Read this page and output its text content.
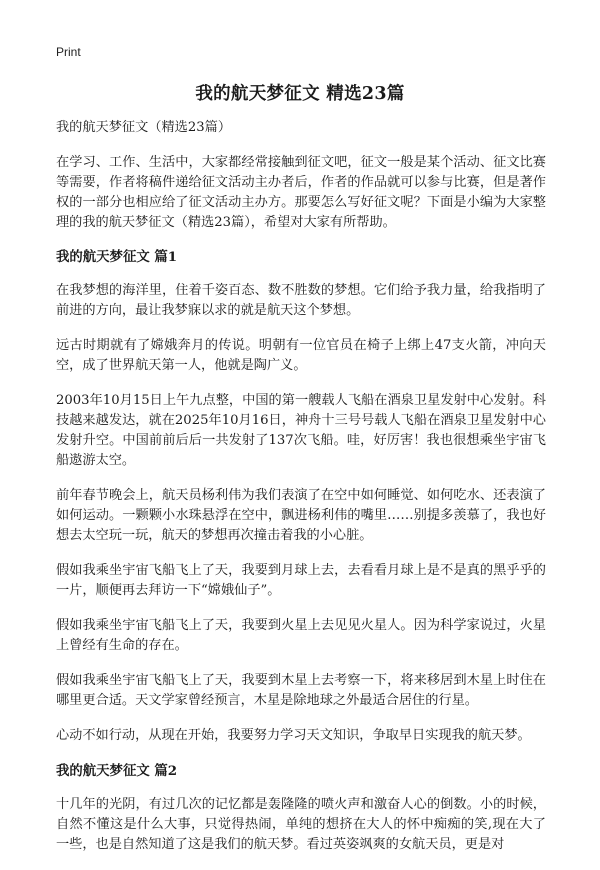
Print
我的航天梦征文 精选23篇

我的航天梦征文（精选23篇）

在学习、工作、生活中，大家都经常接触到征文吧，征文一般是某个活动、征文比赛等需要，作者将稿件递给征文活动主办者后，作者的作品就可以参与比赛，但是著作权的一部分也相应给了征文活动主办方。那要怎么写好征文呢？下面是小编为大家整理的我的航天梦征文（精选23篇），希望对大家有所帮助。

我的航天梦征文 篇1

在我梦想的海洋里，住着千姿百态、数不胜数的梦想。它们给予我力量，给我指明了前进的方向，最让我梦寐以求的就是航天这个梦想。

远古时期就有了嫦娥奔月的传说。明朝有一位官员在椅子上绑上47支火箭，冲向天空，成了世界航天第一人，他就是陶广义。

2003年10月15日上午九点整，中国的第一艘载人飞船在酒泉卫星发射中心发射。科技越来越发达，就在2025年10月16日，神舟十三号号载人飞船在酒泉卫星发射中心发射升空。中国前前后后一共发射了137次飞船。哇，好厉害！我也很想乘坐宇宙飞船遨游太空。

前年春节晚会上，航天员杨利伟为我们表演了在空中如何睡觉、如何吃水、还表演了如何运动。一颗颗小水珠悬浮在空中，飘进杨利伟的嘴里……别提多羡慕了，我也好想去太空玩一玩，航天的梦想再次撞击着我的小心脏。

假如我乘坐宇宙飞船飞上了天，我要到月球上去，去看看月球上是不是真的黑乎乎的一片，顺便再去拜访一下“嫦娥仙子”。

假如我乘坐宇宙飞船飞上了天，我要到火星上去见见火星人。因为科学家说过，火星上曾经有生命的存在。

假如我乘坐宇宙飞船飞上了天，我要到木星上去考察一下，将来移居到木星上时住在哪里更合适。天文学家曾经预言，木星是除地球之外最适合居住的行星。

心动不如行动，从现在开始，我要努力学习天文知识，争取早日实现我的航天梦。

我的航天梦征文 篇2

十几年的光阴，有过几次的记忆都是轰隆隆的喷火声和激奋人心的倒数。小的时候，自然不懂这是什么大事，只觉得热闹，单纯的想挤在大人的怀中痴痴的笑,现在大了一些，也是自然知道了这是我们的航天梦。看过英姿飒爽的女航天员，更是对
